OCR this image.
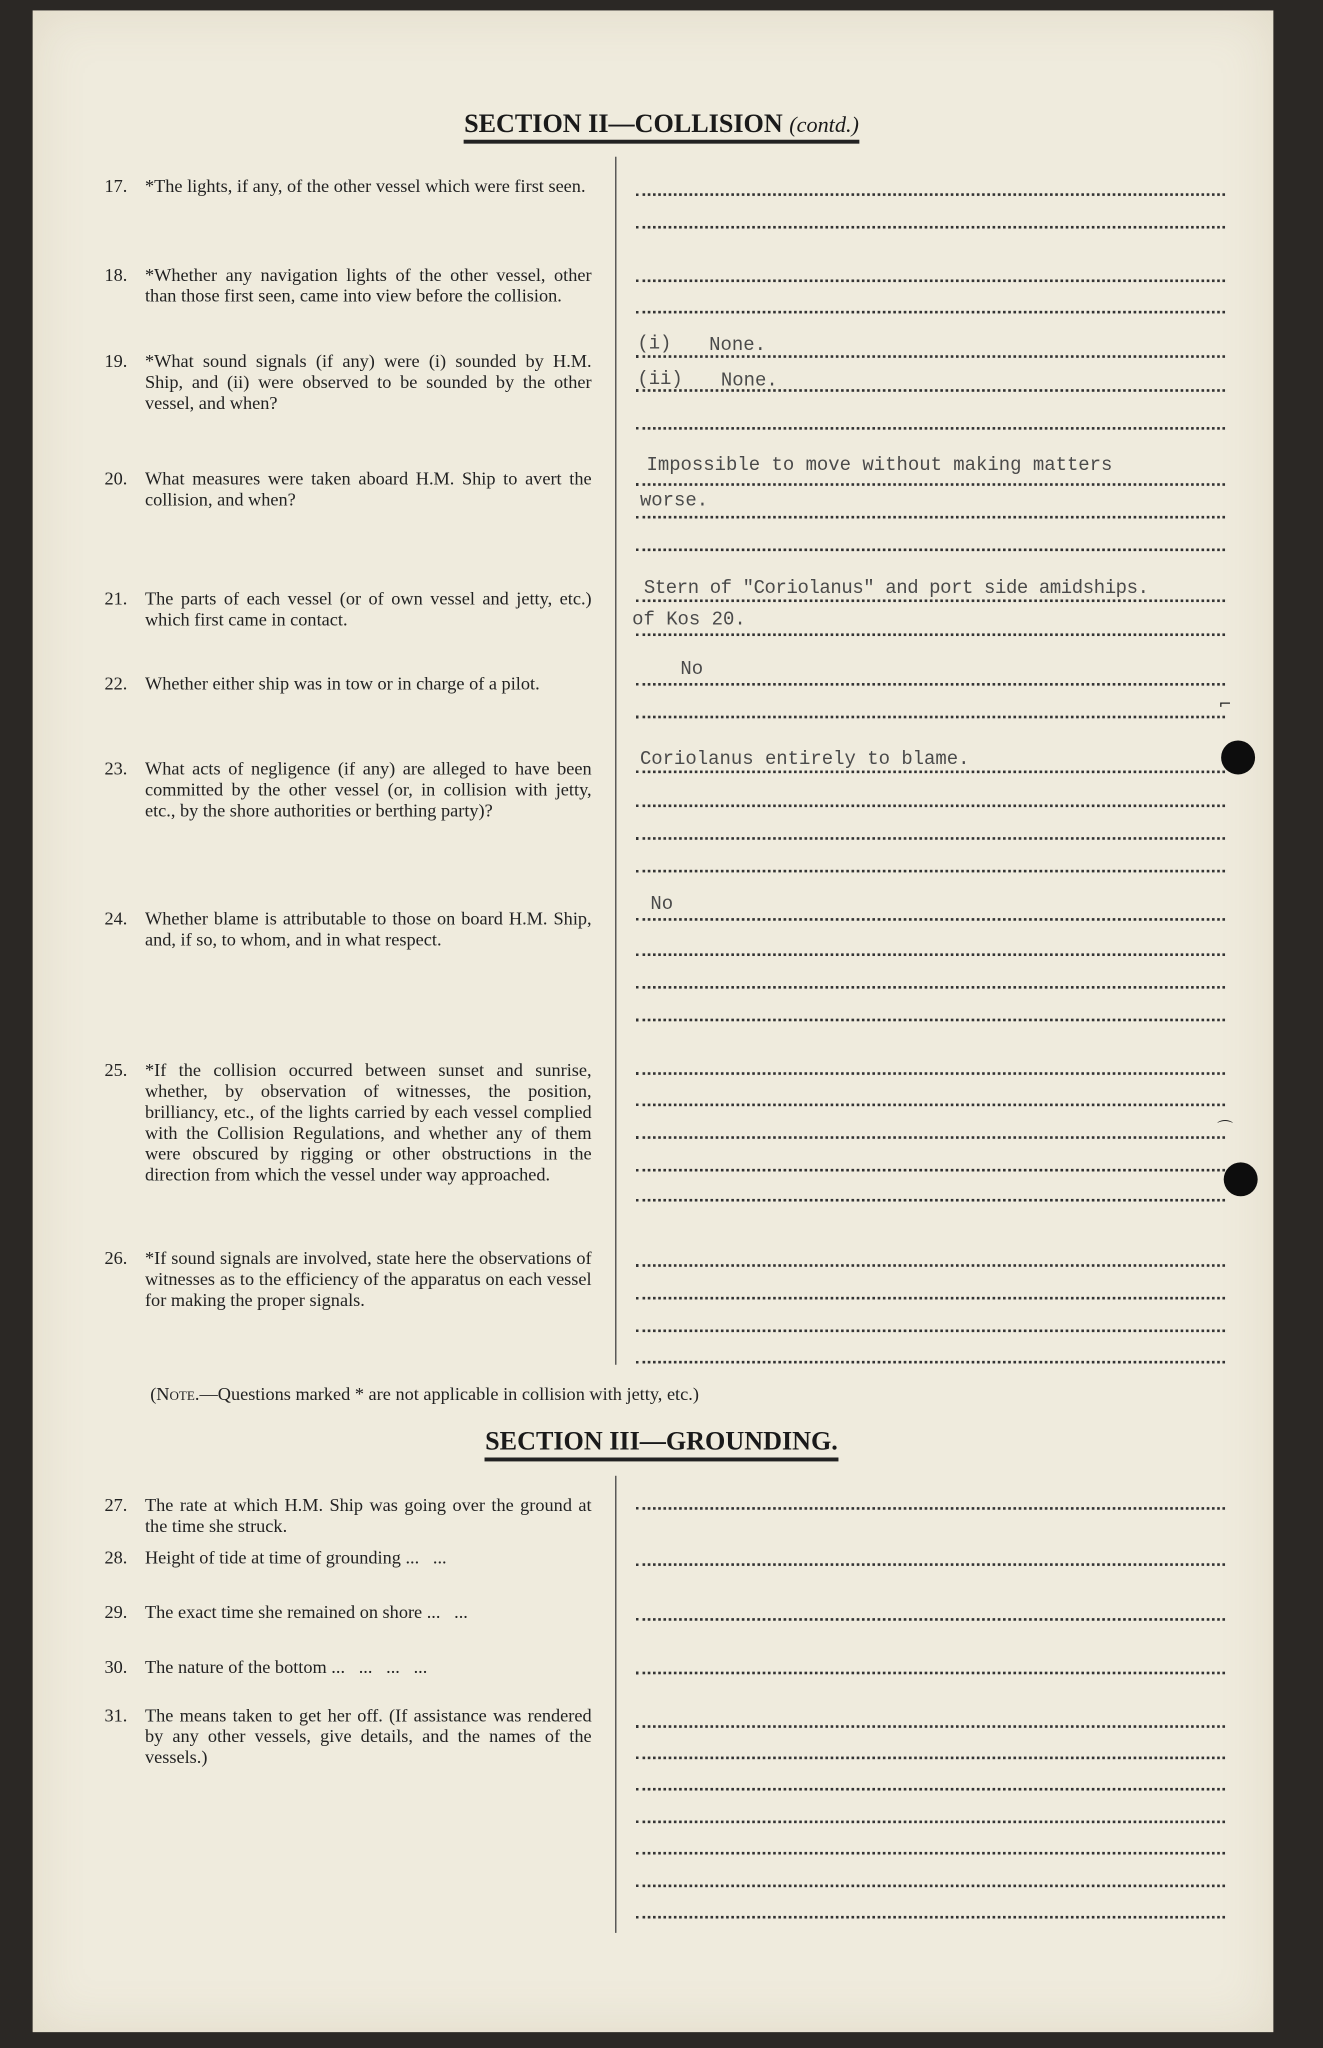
SECTION II—COLLISION (contd.)
17. *The lights, if any, of the other vessel which were first seen.
18. *Whether any navigation lights of the other vessel, other than those first seen, came into view before the collision.
19. *What sound signals (if any) were (i) sounded by H.M. Ship, and (ii) were observed to be sounded by the other vessel, and when?
20. What measures were taken aboard H.M. Ship to avert the collision, and when?
21. The parts of each vessel (or of own vessel and jetty, etc.) which first came in contact.
22. Whether either ship was in tow or in charge of a pilot.
23. What acts of negligence (if any) are alleged to have been committed by the other vessel (or, in collision with jetty, etc., by the shore authorities or berthing party)?
24. Whether blame is attributable to those on board H.M. Ship, and, if so, to whom, and in what respect.
25. *If the collision occurred between sunset and sunrise, whether, by observation of witnesses, the position, brilliancy, etc., of the lights carried by each vessel complied with the Collision Regulations, and whether any of them were obscured by rigging or other obstructions in the direction from which the vessel under way approached.
26. *If sound signals are involved, state here the observations of witnesses as to the efficiency of the apparatus on each vessel for making the proper signals.
(Note.—Questions marked * are not applicable in collision with jetty, etc.)
SECTION III—GROUNDING.
27. The rate at which H.M. Ship was going over the ground at the time she struck.
28. Height of tide at time of grounding ...   ...
29. The exact time she remained on shore ...   ...
30. The nature of the bottom ...   ...   ...   ...
31. The means taken to get her off. (If assistance was rendered by any other vessels, give details, and the names of the vessels.)
(i)	None.
(ii)	None.
Impossible to move without making matters
worse.
Stern of "Coriolanus" and port side amidships.
of Kos 20.
No
Coriolanus entirely to blame.
No
⌐
⌒
